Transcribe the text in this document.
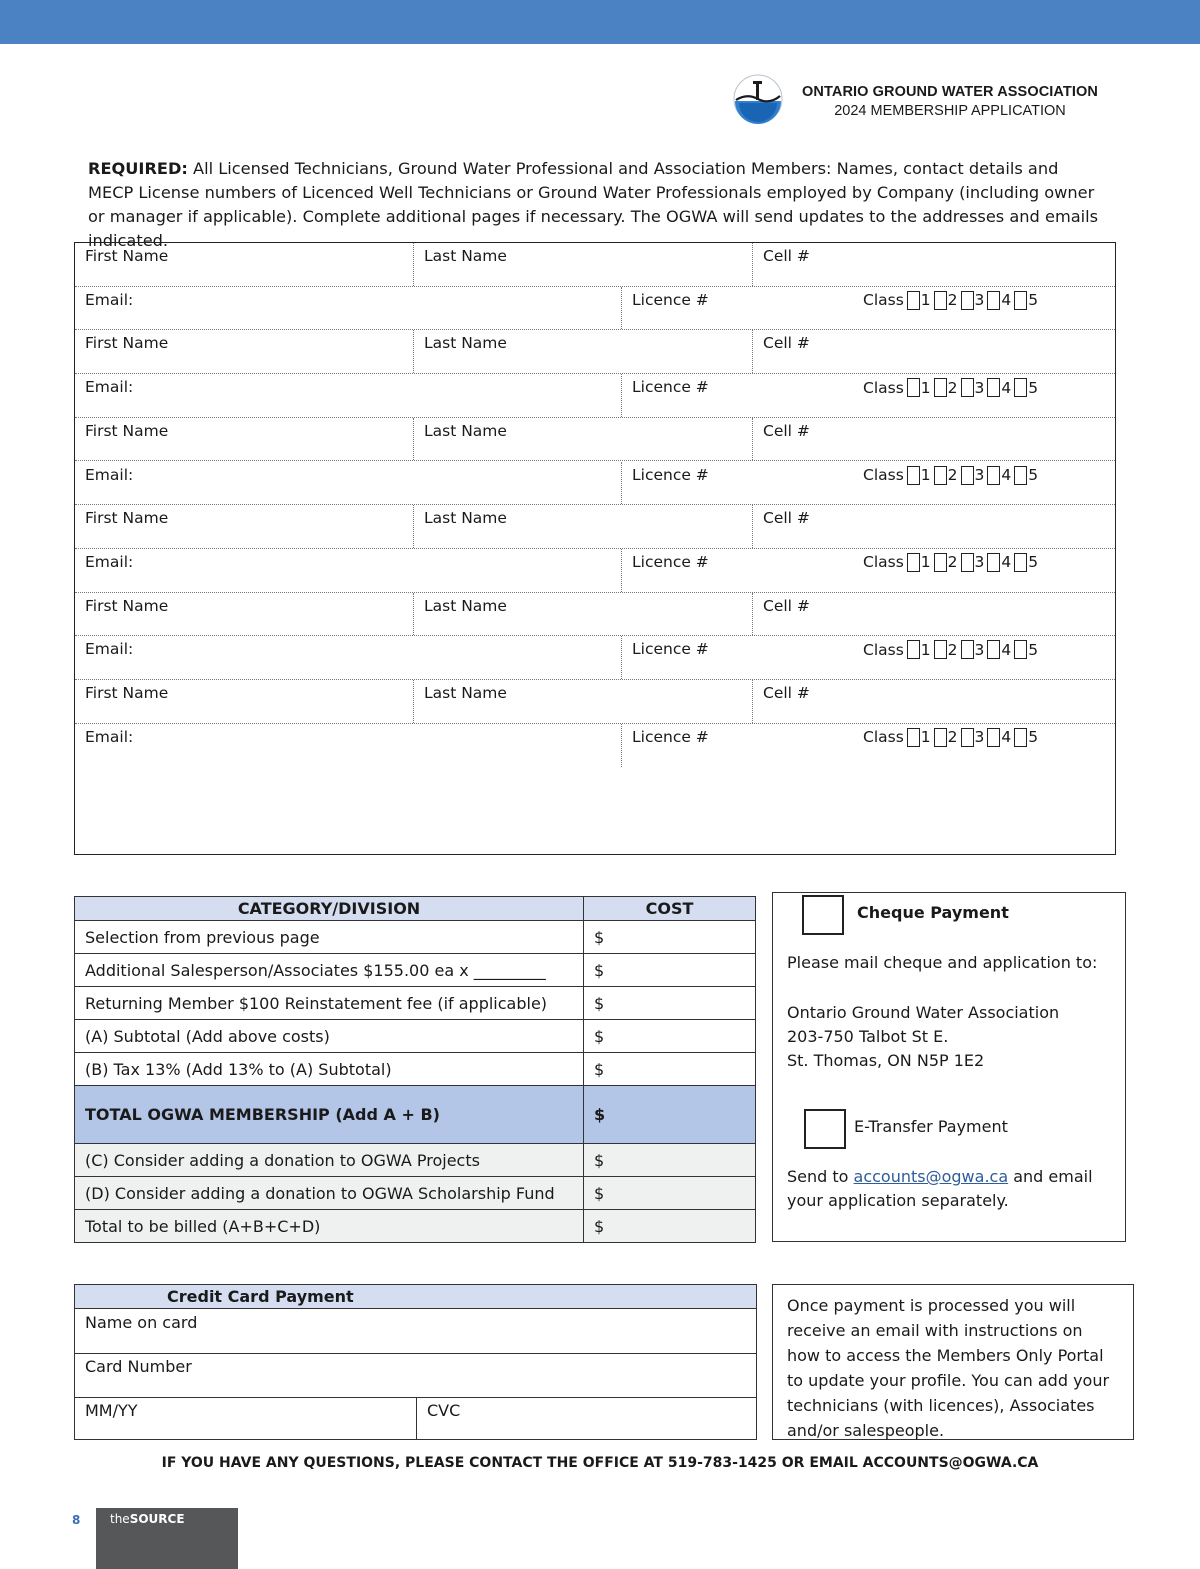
ONTARIO GROUND WATER ASSOCIATION
2024 MEMBERSHIP APPLICATION

REQUIRED: All Licensed Technicians, Ground Water Professional and Association Members: Names, contact details and MECP License numbers of Licenced Well Technicians or Ground Water Professionals employed by Company (including owner or manager if applicable). Complete additional pages if necessary. The OGWA will send updates to the addresses and emails indicated.

First Name	Last Name	Cell #
Email:	Licence #	Class 1 2 3 4 5
First Name	Last Name	Cell #
Email:	Licence #	Class 1 2 3 4 5
First Name	Last Name	Cell #
Email:	Licence #	Class 1 2 3 4 5
First Name	Last Name	Cell #
Email:	Licence #	Class 1 2 3 4 5
First Name	Last Name	Cell #
Email:	Licence #	Class 1 2 3 4 5
First Name	Last Name	Cell #
Email:	Licence #	Class 1 2 3 4 5
CATEGORY/DIVISION	COST
Selection from previous page	$
Additional Salesperson/Associates $155.00 ea x _________	$
Returning Member $100 Reinstatement fee (if applicable)	$
(A) Subtotal (Add above costs)	$
(B) Tax 13% (Add 13% to (A) Subtotal)	$
TOTAL OGWA MEMBERSHIP (Add A + B)	$
(C) Consider adding a donation to OGWA Projects	$
(D) Consider adding a donation to OGWA Scholarship Fund	$
Total to be billed (A+B+C+D)	$
Cheque Payment
Please mail cheque and application to:
Ontario Ground Water Association
203-750 Talbot St E.
St. Thomas, ON N5P 1E2
E-Transfer Payment
Send to accounts@ogwa.ca and email
your application separately.
Credit Card Payment
Name on card
Card Number
MM/YY	CVC
Once payment is processed you will receive an email with instructions on how to access the Members Only Portal to update your profile. You can add your technicians (with licences), Associates and/or salespeople.
IF YOU HAVE ANY QUESTIONS, PLEASE CONTACT THE OFFICE AT 519-783-1425 OR EMAIL ACCOUNTS@OGWA.CA
8	theSOURCE
